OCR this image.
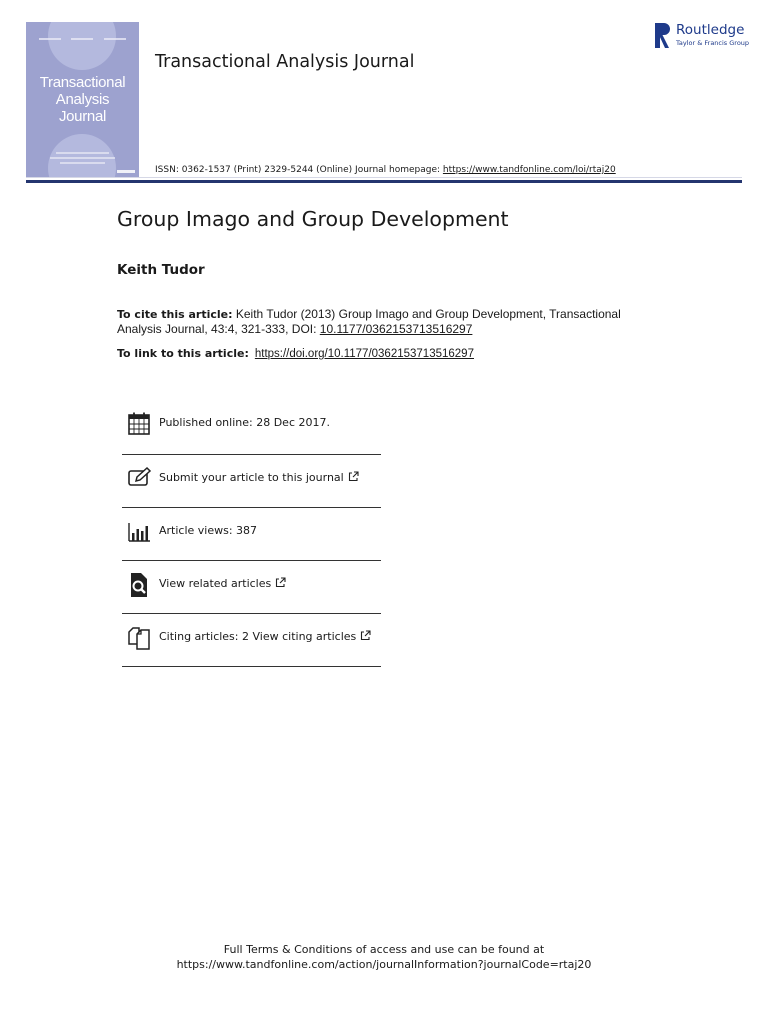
Transactional
Analysis
Journal
Transactional Analysis Journal
Routledge
Taylor & Francis Group
ISSN: 0362-1537 (Print) 2329-5244 (Online) Journal homepage: https://www.tandfonline.com/loi/rtaj20
Group Imago and Group Development
Keith Tudor
To cite this article: Keith Tudor (2013) Group Imago and Group Development, Transactional Analysis Journal, 43:4, 321-333, DOI: 10.1177/0362153713516297
To link to this article: https://doi.org/10.1177/0362153713516297
Published online: 28 Dec 2017.
Submit your article to this journal
Article views: 387
View related articles
Citing articles: 2 View citing articles
Full Terms & Conditions of access and use can be found at
https://www.tandfonline.com/action/journalInformation?journalCode=rtaj20
